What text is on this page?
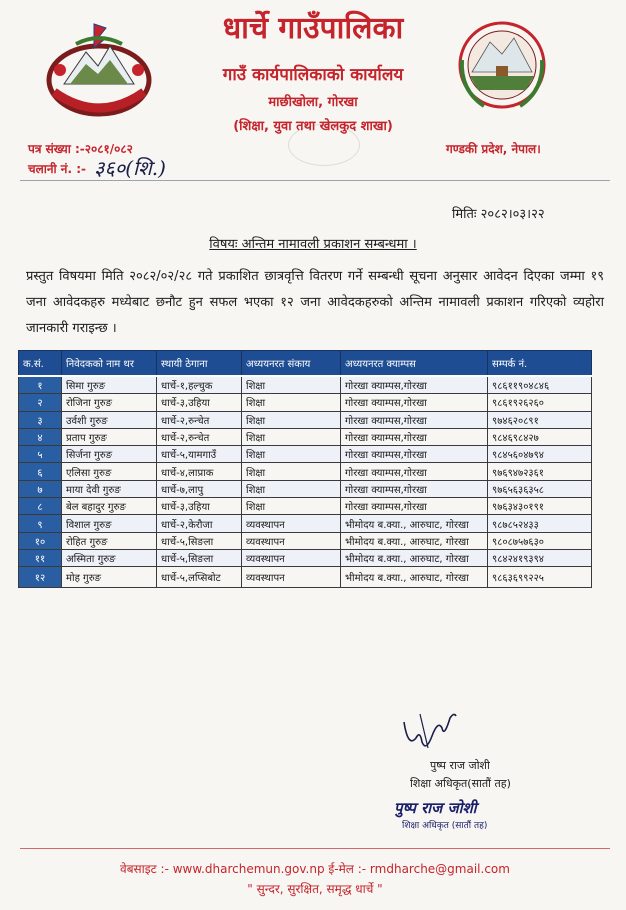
धार्चे गाउँपालिका
गाउँ कार्यपालिकाको कार्यालय
माछीखोला, गोरखा
(शिक्षा, युवा तथा खेलकुद शाखा)
पत्र संख्या :-२०८१/०८२
चलानी नं. :- ३६०(शि.)
गण्डकी प्रदेश, नेपाल।
मितिः २०८२।०३।२२
विषयः अन्तिम नामावली प्रकाशन सम्बन्धमा ।
प्रस्तुत विषयमा मिति २०८२/०२/२८ गते प्रकाशित छात्रवृत्ति वितरण गर्ने सम्बन्धी सूचना अनुसार आवेदन दिएका जम्मा १९ जना आवेदकहरु मध्येबाट छनौट हुन सफल भएका १२ जना आवेदकहरुको अन्तिम नामावली प्रकाशन गरिएको व्यहोरा जानकारी गराइन्छ ।
क.सं.	निवेदकको नाम थर	स्थायी ठेगाना	अध्ययनरत संकाय	अध्ययनरत क्याम्पस	सम्पर्क नं.
१	सिमा गुरुङ	धार्चे-१,हल्चुक	शिक्षा	गोरखा क्याम्पस,गोरखा	९८६११९०४८४६
२	रोजिना गुरुङ	धार्चे-३,उहिया	शिक्षा	गोरखा क्याम्पस,गोरखा	९८६१९२६२६०
३	उर्वशी गुरुङ	धार्चे-२,रुन्चेत	शिक्षा	गोरखा क्याम्पस,गोरखा	९७४६२०८९१
४	प्रताप गुरुङ	धार्चे-२,रुन्चेत	शिक्षा	गोरखा क्याम्पस,गोरखा	९८४६९८४२७
५	सिर्जना गुरुङ	धार्चे-५,यामगाउँ	शिक्षा	गोरखा क्याम्पस,गोरखा	९८४५६०४७९४
६	एलिसा गुरुङ	धार्चे-४,लाप्राक	शिक्षा	गोरखा क्याम्पस,गोरखा	९७६९४७२३६१
७	माया देवी गुरुङ	धार्चे-७,लापु	शिक्षा	गोरखा क्याम्पस,गोरखा	९७६५६३६३५८
८	बेल बहादुर गुरुङ	धार्चे-३,उहिया	शिक्षा	गोरखा क्याम्पस,गोरखा	९७६३४३०१९१
९	विशाल गुरुङ	धार्चे-२,केरौजा	व्यवस्थापन	भीमोदय ब.क्या., आरुघाट, गोरखा	९८७८५२४३३
१०	रोहित गुरुङ	धार्चे-५,सिङला	व्यवस्थापन	भीमोदय ब.क्या., आरुघाट, गोरखा	९८०८७५७६३०
११	अस्मिता गुरुङ	धार्चे-५,सिङला	व्यवस्थापन	भीमोदय ब.क्या., आरुघाट, गोरखा	९८४२४१९३९४
१२	मोह गुरुङ	धार्चे-५,लप्सिबोट	व्यवस्थापन	भीमोदय ब.क्या., आरुघाट, गोरखा	९८६३६९९२२५
पुष्प राज जोशी
शिक्षा अधिकृत(सातौं तह)
पुष्प राज जोशी
शिक्षा अधिकृत (सातौं तह)
वेबसाइट :- www.dharchemun.gov.np ई-मेल :- rmdharche@gmail.com
" सुन्दर, सुरक्षित, समृद्ध धार्चे "
